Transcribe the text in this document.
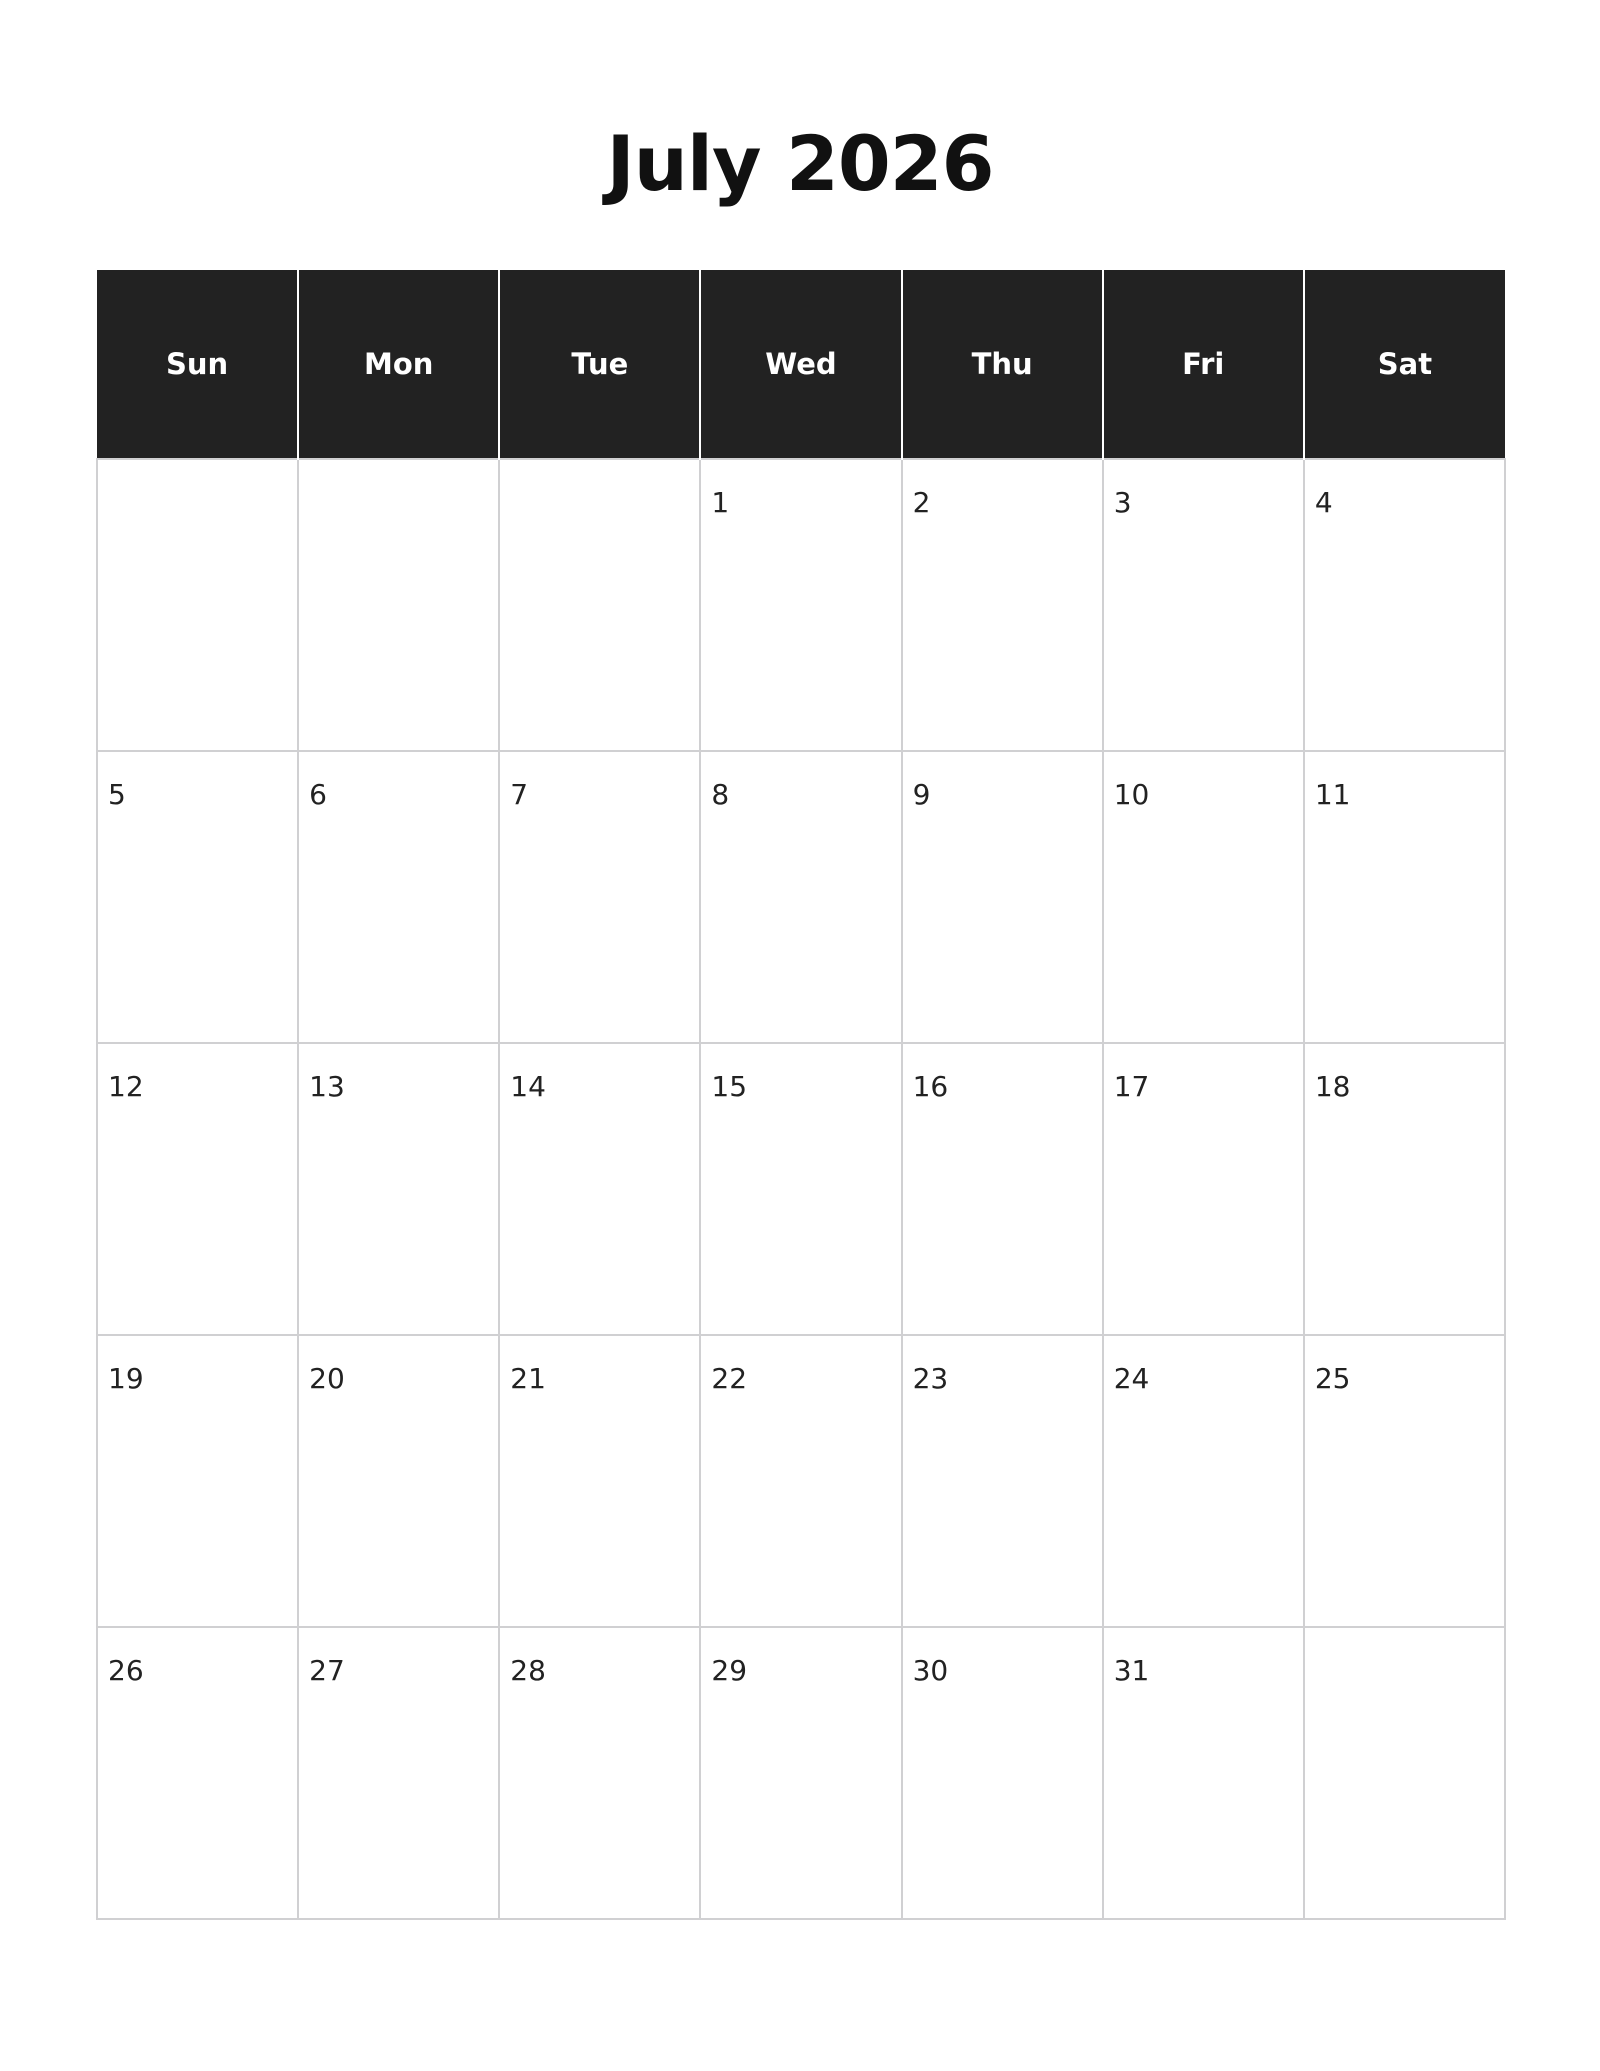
July 2026
Sun	Mon	Tue	Wed	Thu	Fri	Sat

			1	2	3	4

5	6	7	8	9	10	11

12	13	14	15	16	17	18

19	20	21	22	23	24	25

26	27	28	29	30	31	
